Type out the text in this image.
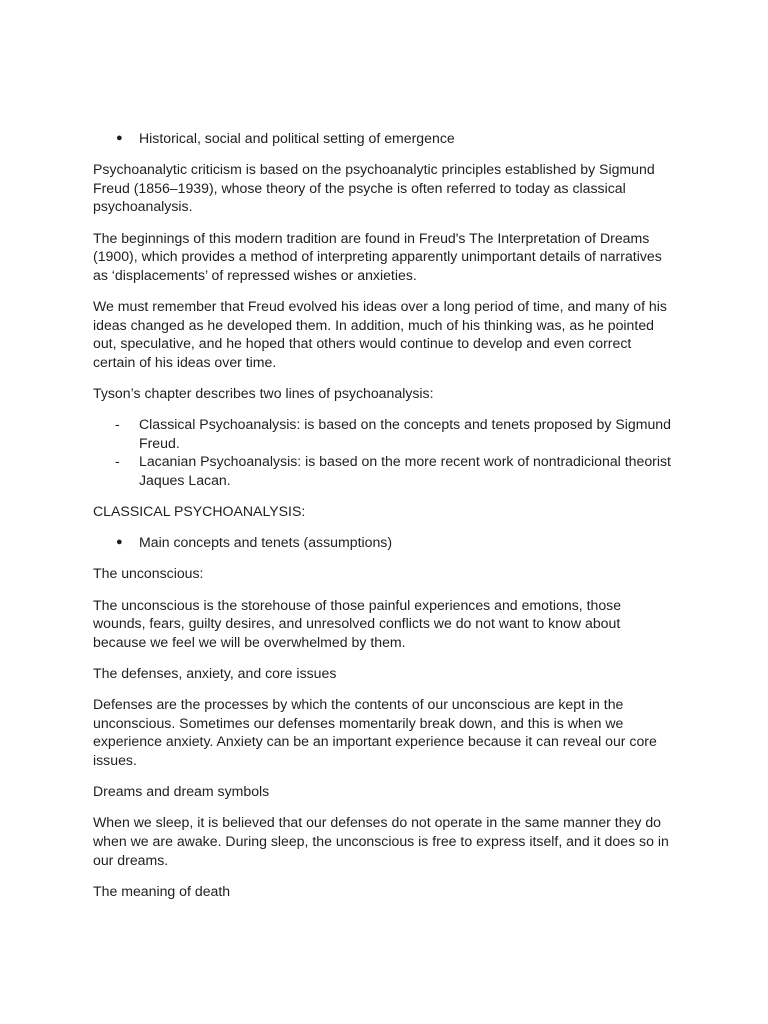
●	Historical, social and political setting of emergence

Psychoanalytic criticism is based on the psychoanalytic principles established by Sigmund Freud (1856–1939), whose theory of the psyche is often referred to today as classical psychoanalysis.

The beginnings of this modern tradition are found in Freud's The Interpretation of Dreams (1900), which provides a method of interpreting apparently unimportant details of narratives as ‘displacements’ of repressed wishes or anxieties.

We must remember that Freud evolved his ideas over a long period of time, and many of his ideas changed as he developed them. In addition, much of his thinking was, as he pointed out, speculative, and he hoped that others would continue to develop and even correct certain of his ideas over time.

Tyson’s chapter describes two lines of psychoanalysis:

-	Classical Psychoanalysis: is based on the concepts and tenets proposed by Sigmund Freud.
-	Lacanian Psychoanalysis: is based on the more recent work of nontradicional theorist Jaques Lacan.

CLASSICAL PSYCHOANALYSIS:

●	Main concepts and tenets (assumptions)

The unconscious:

The unconscious is the storehouse of those painful experiences and emotions, those wounds, fears, guilty desires, and unresolved conflicts we do not want to know about because we feel we will be overwhelmed by them.

The defenses, anxiety, and core issues

Defenses are the processes by which the contents of our unconscious are kept in the unconscious. Sometimes our defenses momentarily break down, and this is when we experience anxiety. Anxiety can be an important experience because it can reveal our core issues.

Dreams and dream symbols

When we sleep, it is believed that our defenses do not operate in the same manner they do when we are awake. During sleep, the unconscious is free to express itself, and it does so in our dreams.

The meaning of death
